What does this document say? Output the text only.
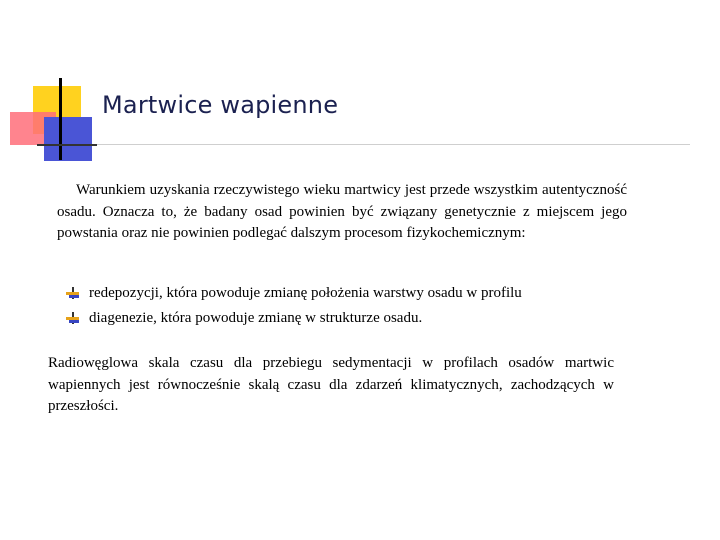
Martwice wapienne
Warunkiem uzyskania rzeczywistego wieku martwicy jest przede wszystkim autentyczność osadu. Oznacza to, że badany osad powinien być związany genetycznie z miejscem jego powstania oraz nie powinien podlegać dalszym procesom fizykochemicznym:
redepozycji, która powoduje zmianę położenia warstwy osadu w profilu
diagenezie, która powoduje zmianę w strukturze osadu.
Radiowęglowa skala czasu dla przebiegu sedymentacji w profilach osadów martwic wapiennych jest równocześnie skalą czasu dla zdarzeń klimatycznych, zachodzących w przeszłości.
